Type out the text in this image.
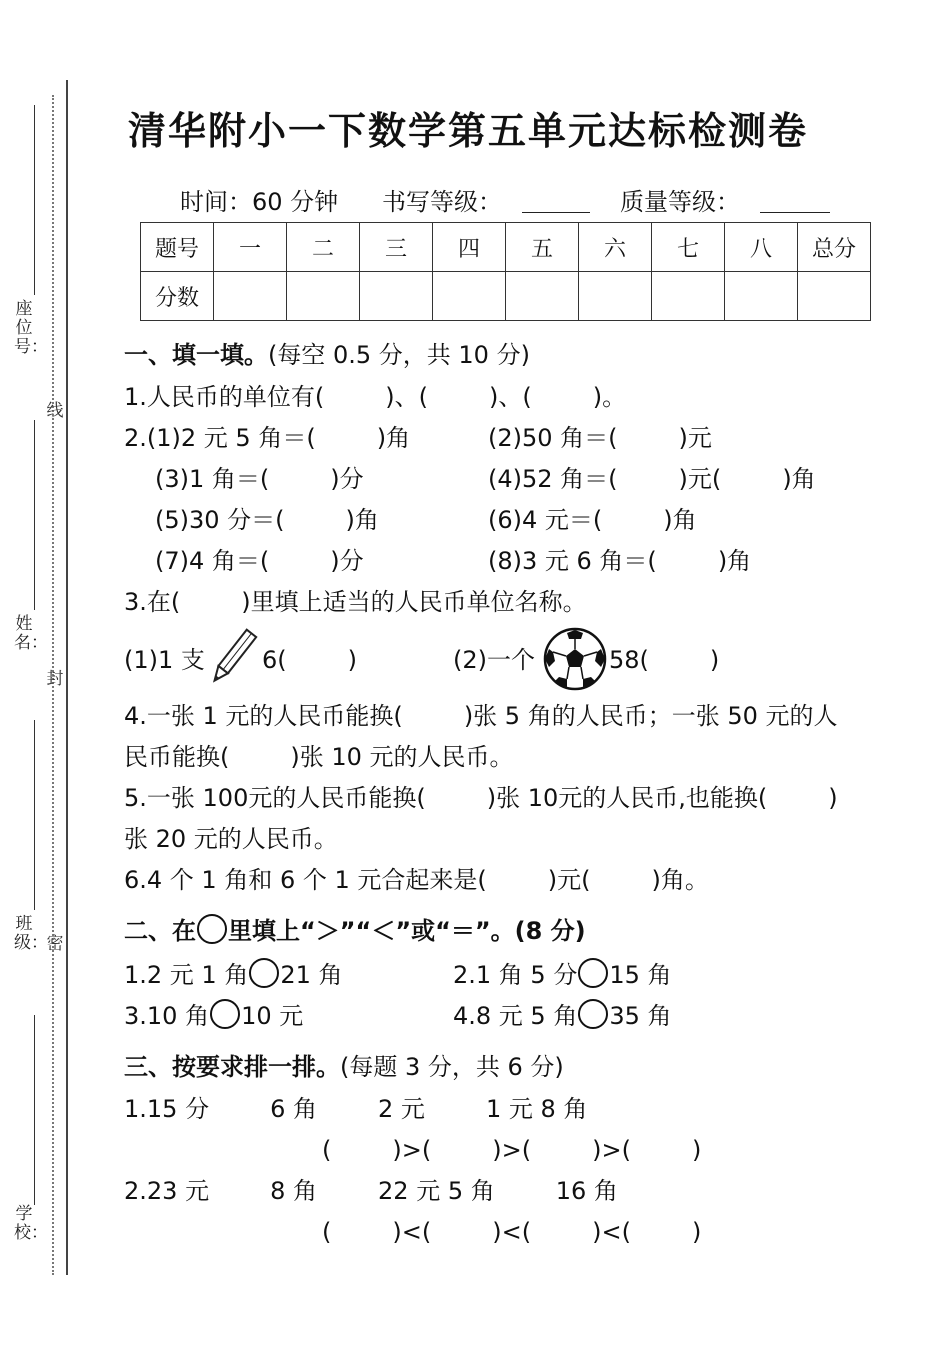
座位号：
姓名：
班级：
学校：
线
封
密
清华附小一下数学第五单元达标检测卷
时间：60 分钟 书写等级：	质量等级：
题号	一	二	三	四	五	六	七	八	总分
分数									
一、填一填。(每空 0.5 分，共 10 分)
1.人民币的单位有(        )、(        )、(        )。
2.(1)2 元 5 角＝(        )角	(2)50 角＝(        )元
(3)1 角＝(        )分	(4)52 角＝(        )元(        )角
(5)30 分＝(        )角	(6)4 元＝(        )角
(7)4 角＝(        )分	(8)3 元 6 角＝(        )角
3.在(        )里填上适当的人民币单位名称。
(1)1 支 6(        )	(2)一个	58(        )
4.一张 1 元的人民币能换(        )张 5 角的人民币；一张 50 元的人
民币能换(        )张 10 元的人民币。
5.一张 100元的人民币能换(        )张 10元的人民币,也能换(        )
张 20 元的人民币。
6.4 个 1 角和 6 个 1 元合起来是(        )元(        )角。
二、在 里填上“＞”“＜”或“＝”。(8 分)
1.2 元 1 角 21 角	2.1 角 5 分 15 角
3.10 角 10 元	4.8 元 5 角 35 角
三、按要求排一排。(每题 3 分，共 6 分)
1.15 分        6 角        2 元        1 元 8 角
(        )>(        )>(        )>(        )
2.23 元        8 角        22 元 5 角        16 角
(        )<(        )<(        )<(        )
